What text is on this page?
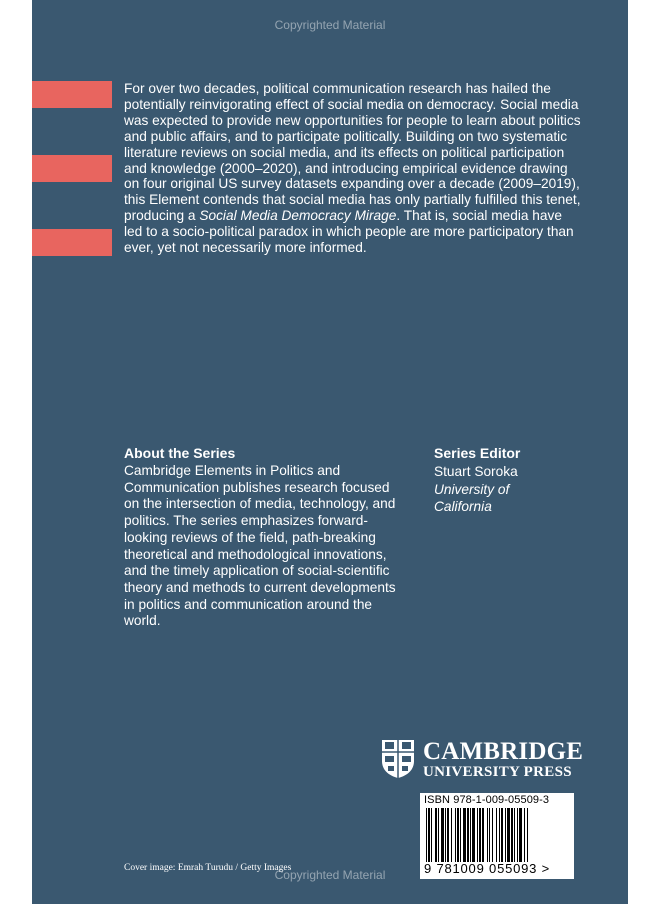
Copyrighted Material
For over two decades, political communication research has hailed the potentially reinvigorating effect of social media on democracy. Social media was expected to provide new opportunities for people to learn about politics and public affairs, and to participate politically. Building on two systematic literature reviews on social media, and its effects on political participation and knowledge (2000–2020), and introducing empirical evidence drawing on four original US survey datasets expanding over a decade (2009–2019), this Element contends that social media has only partially fulfilled this tenet, producing a Social Media Democracy Mirage. That is, social media have led to a socio-political paradox in which people are more participatory than ever, yet not necessarily more informed.
About the Series
Cambridge Elements in Politics and Communication publishes research focused on the intersection of media, technology, and politics. The series emphasizes forward-looking reviews of the field, path-breaking theoretical and methodological innovations, and the timely application of social-scientific theory and methods to current developments in politics and communication around the world.
Series Editor
Stuart Soroka
University of California
CAMBRIDGE
UNIVERSITY PRESS
ISBN 978-1-009-05509-3
9 781009 055093 >
Cover image: Emrah Turudu / Getty Images
Copyrighted Material
